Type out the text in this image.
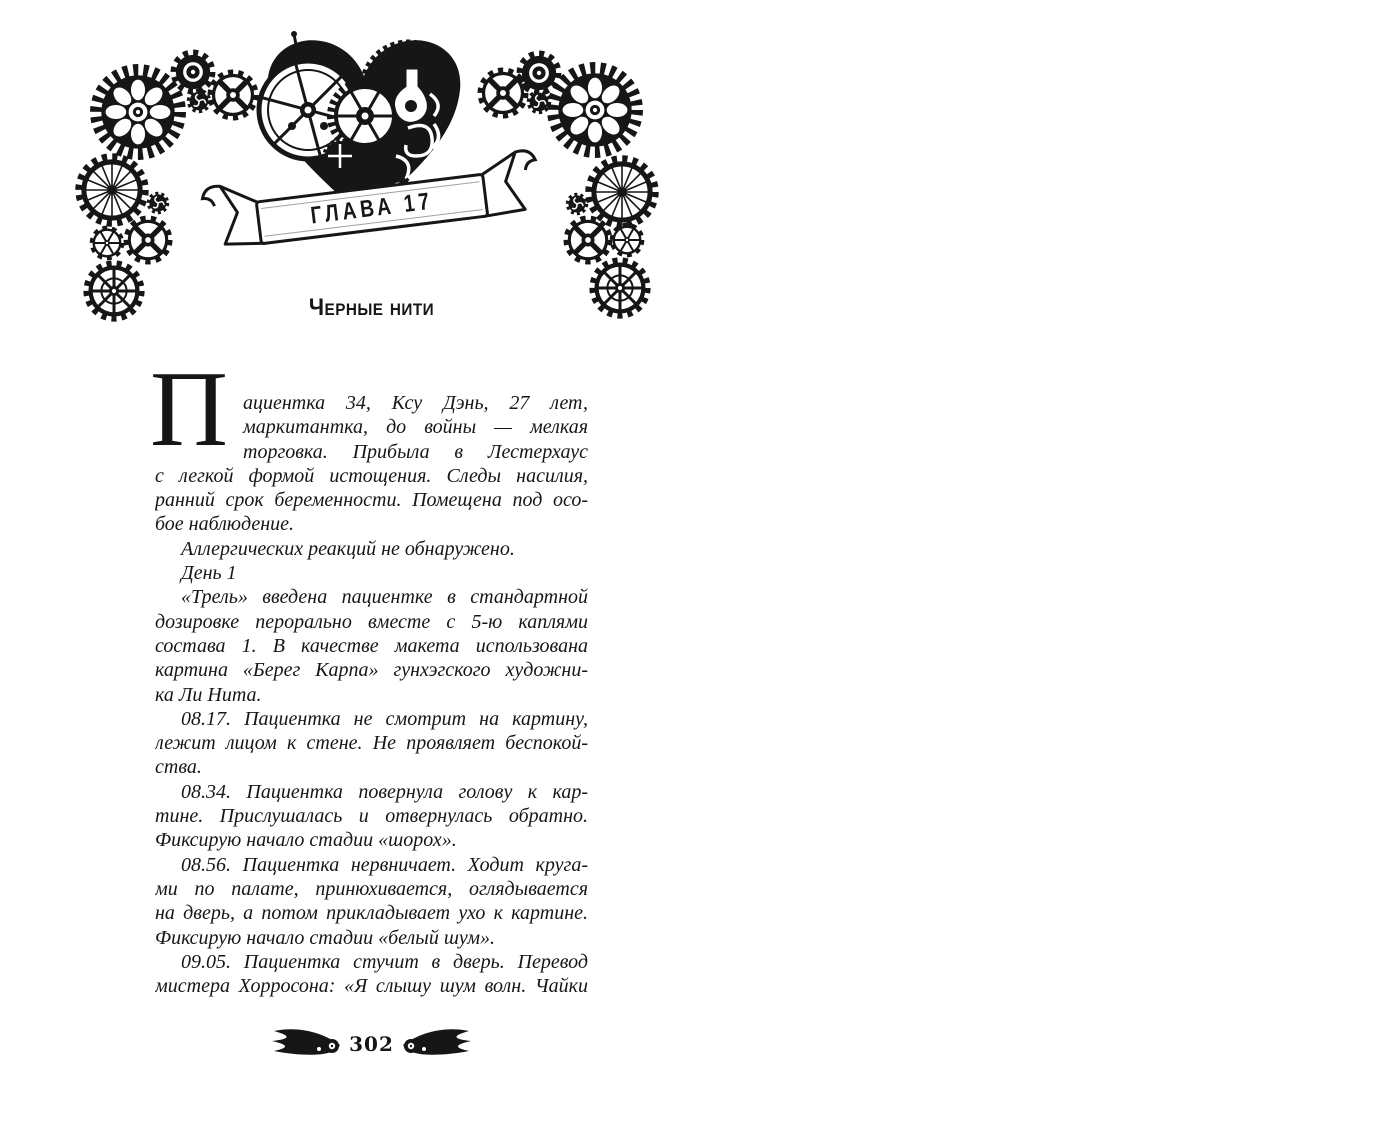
ГЛАВА 17
Черные нити
П ациентка 34, Ксу Дэнь, 27 лет,
маркитантка, до войны — мелкая
торговка. Прибыла в Лестерхаус
с легкой формой истощения. Следы насилия,
ранний срок беременности. Помещена под осо-
бое наблюдение.
Аллергических реакций не обнаружено.
День 1
«Трель» введена пациентке в стандартной
дозировке перорально вместе с 5-ю каплями
состава 1. В качестве макета использована
картина «Берег Карпа» гунхэгского художни-
ка Ли Нита.
08.17. Пациентка не смотрит на картину,
лежит лицом к стене. Не проявляет беспокой-
ства.
08.34. Пациентка повернула голову к кар-
тине. Прислушалась и отвернулась обратно.
Фиксирую начало стадии «шорох».
08.56. Пациентка нервничает. Ходит круга-
ми по палате, принюхивается, оглядывается
на дверь, а потом прикладывает ухо к картине.
Фиксирую начало стадии «белый шум».
09.05. Пациентка стучит в дверь. Перевод
мистера Хорросона: «Я слышу шум волн. Чайки
302
